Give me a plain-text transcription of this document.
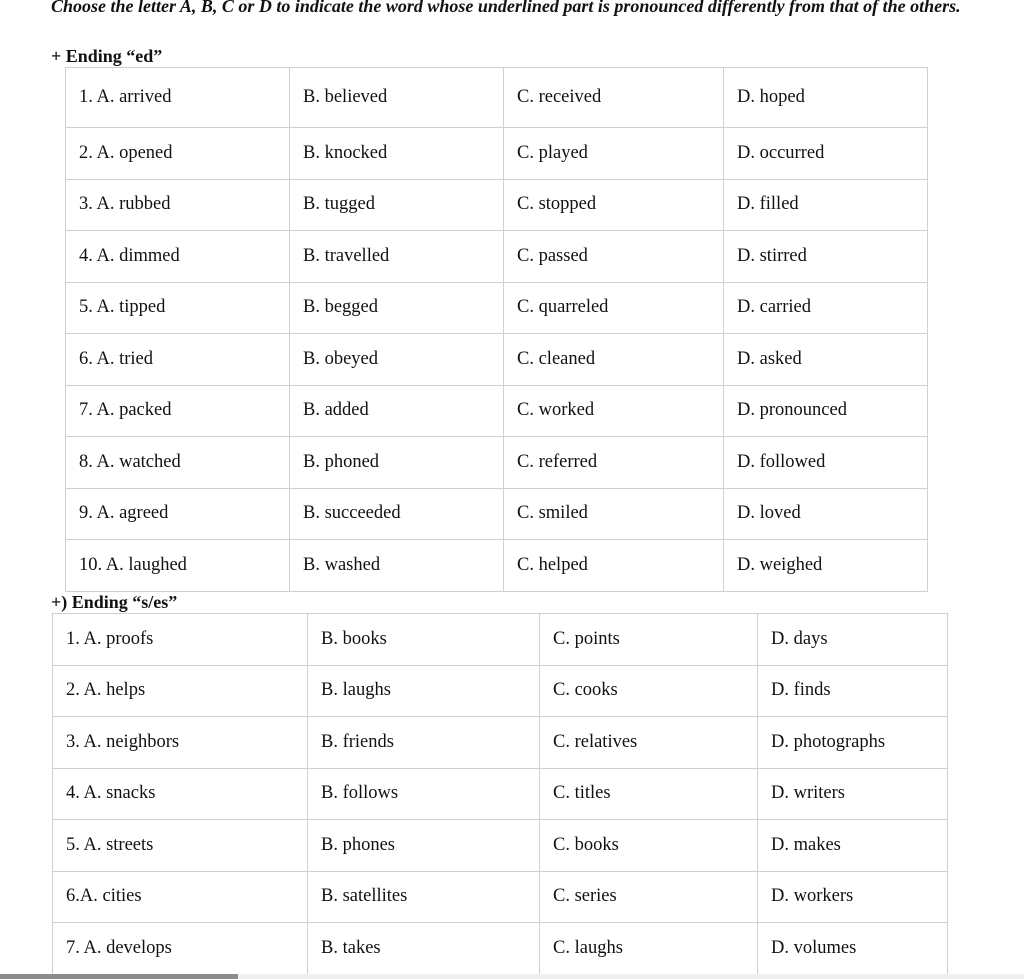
Choose the letter A, B, C or D to indicate the word whose underlined part is pronounced differently from that of the others.

+ Ending “ed”

1. A. arrived	B. believed	C. received	D. hoped
2. A. opened	B. knocked	C. played	D. occurred
3. A. rubbed	B. tugged	C. stopped	D. filled
4. A. dimmed	B. travelled	C. passed	D. stirred
5. A. tipped	B. begged	C. quarreled	D. carried
6. A. tried	B. obeyed	C. cleaned	D. asked
7. A. packed	B. added	C. worked	D. pronounced
8. A. watched	B. phoned	C. referred	D. followed
9. A. agreed	B. succeeded	C. smiled	D. loved
10. A. laughed	B. washed	C. helped	D. weighed

+) Ending “s/es”

1. A. proofs	B. books	C. points	D. days
2. A. helps	B. laughs	C. cooks	D. finds
3. A. neighbors	B. friends	C. relatives	D. photographs
4. A. snacks	B. follows	C. titles	D. writers
5. A. streets	B. phones	C. books	D. makes
6.A. cities	B. satellites	C. series	D. workers
7. A. develops	B. takes	C. laughs	D. volumes
